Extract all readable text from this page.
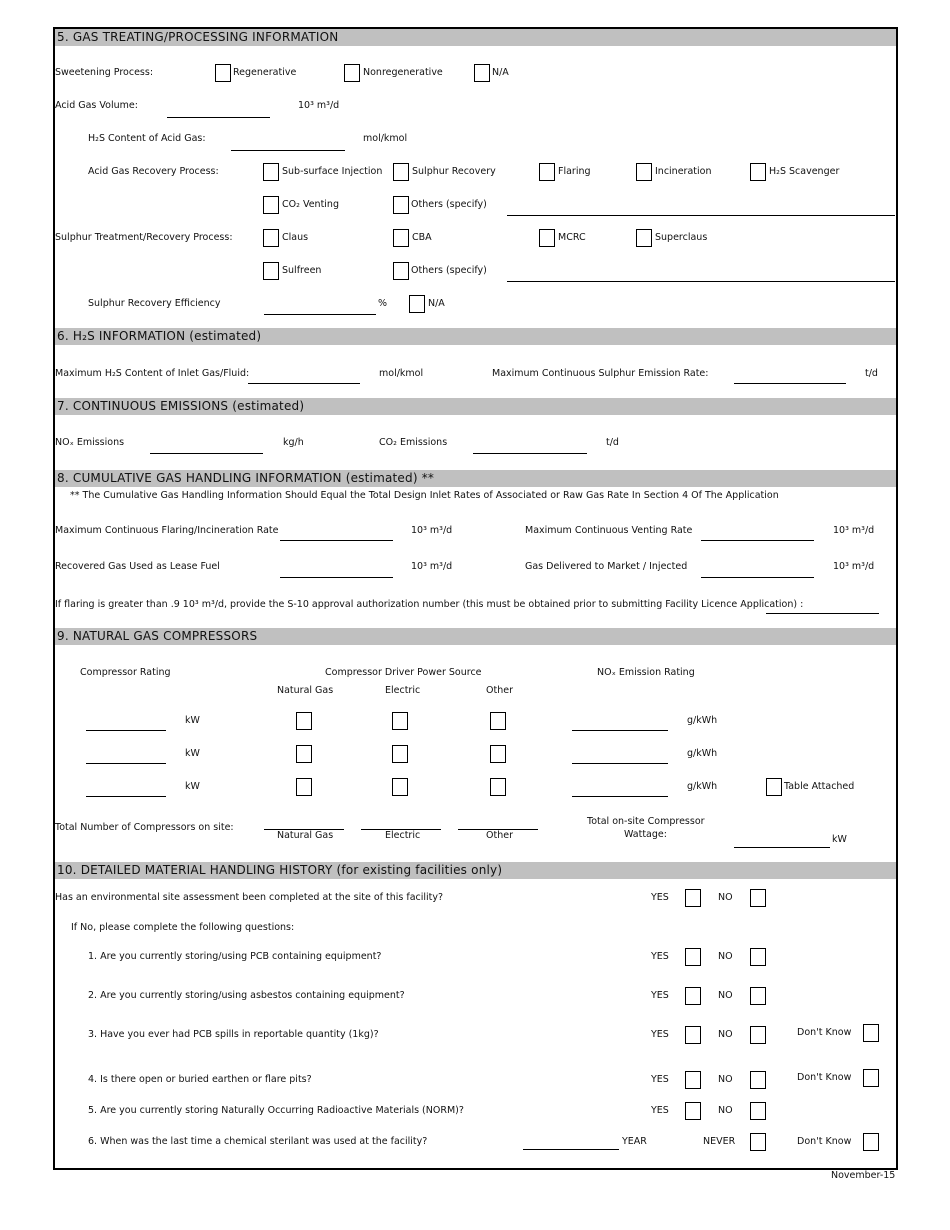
5. GAS TREATING/PROCESSING INFORMATION
Sweetening Process:	Regenerative	Nonregenerative	N/A
Acid Gas Volume:	10³ m³/d
H₂S Content of Acid Gas:	mol/kmol
Acid Gas Recovery Process:	Sub-surface Injection	Sulphur Recovery	Flaring	Incineration	H₂S Scavenger
CO₂ Venting	Others (specify)
Sulphur Treatment/Recovery Process:	Claus	CBA	MCRC	Superclaus
Sulfreen	Others (specify)
Sulphur Recovery Efficiency	%	N/A
6. H₂S INFORMATION (estimated)
Maximum H₂S Content of Inlet Gas/Fluid:	mol/kmol	Maximum Continuous Sulphur Emission Rate:	t/d
7. CONTINUOUS EMISSIONS (estimated)
NOₓ Emissions	kg/h	CO₂ Emissions	t/d
8. CUMULATIVE GAS HANDLING INFORMATION (estimated) **
** The Cumulative Gas Handling Information Should Equal the Total Design Inlet Rates of Associated or Raw Gas Rate In Section 4 Of The Application
Maximum Continuous Flaring/Incineration Rate	10³ m³/d	Maximum Continuous Venting Rate	10³ m³/d
Recovered Gas Used as Lease Fuel	10³ m³/d	Gas Delivered to Market / Injected	10³ m³/d
If flaring is greater than .9 10³ m³/d, provide the S-10 approval authorization number (this must be obtained prior to submitting Facility Licence Application) :
9. NATURAL GAS COMPRESSORS
Compressor Rating	Compressor Driver Power Source	NOₓ Emission Rating
Natural Gas	Electric	Other
kW	g/kWh
kW	g/kWh
kW	g/kWh	Table Attached
Total Number of Compressors on site:
Natural Gas	Electric	Other
Total on-site Compressor
Wattage:	kW
10. DETAILED MATERIAL HANDLING HISTORY (for existing facilities only)
Has an environmental site assessment been completed at the site of this facility?	YES	NO
If No, please complete the following questions:
1. Are you currently storing/using PCB containing equipment?	YES	NO
2. Are you currently storing/using asbestos containing equipment?	YES	NO
3. Have you ever had PCB spills in reportable quantity (1kg)?	YES	NO	Don't Know
4. Is there open or buried earthen or flare pits?	YES	NO	Don't Know
5. Are you currently storing Naturally Occurring Radioactive Materials (NORM)?	YES	NO
6. When was the last time a chemical sterilant was used at the facility?	YEAR	NEVER	Don't Know
November-15
